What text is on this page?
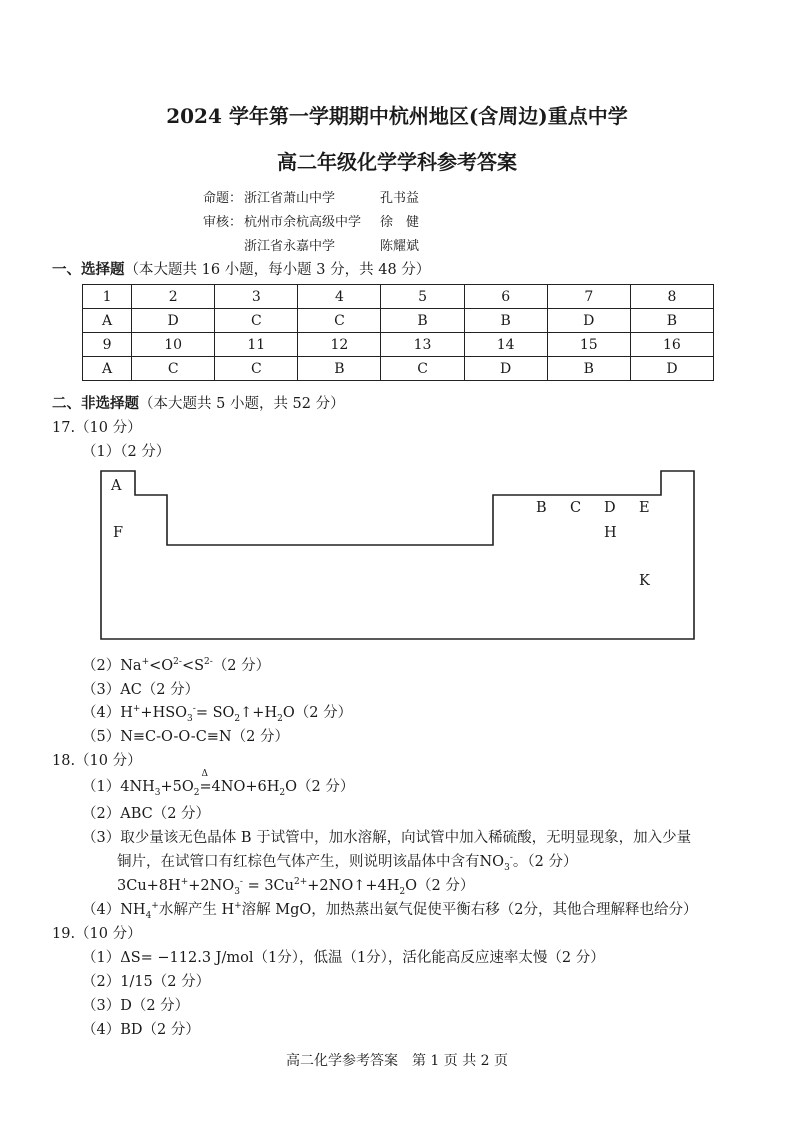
2024 学年第一学期期中杭州地区(含周边)重点中学
高二年级化学学科参考答案
命题： 浙江省萧山中学	孔书益
审核： 杭州市余杭高级中学 徐　健
浙江省永嘉中学	陈耀斌
一、选择题（本大题共 16 小题，每小题 3 分，共 48 分）
1	2	3	4	5	6	7	8
A	D	C	C	B	B	D	B
9	10	11	12	13	14	15	16
A	C	C	B	C	D	B	D
二、非选择题（本大题共 5 小题，共 52 分）
17.（10 分）
（1）（2 分）
A
F
B C D E
H
K
$(2)Na^+<O^{2-}<S^{2-}(2$ 分）
（3）AC（2 分）
$(4)H^++HSO_3^-=$ $SO_2↑+H_2O(2$ 分）
（5）N≡C-O-O-C≡N（2 分）
18.（10 分）
$(1)4NH_3+5O_2$
Δ
$=4NO+6H_2O(2$ 分）
（2）ABC（2 分）
（3）取少量该无色晶体 B 于试管中，加水溶解，向试管中加入稀硫酸，无明显现象，加入少量
铜片，在试管口有红棕色气体产生，则说明该晶体中含有$NO_3^-$。（2 分）
$3Cu+8H^++2NO_3^-$ = $3Cu^{2+}+2NO↑+4H_2O(2$ 分）
$(4)NH_4^+$水解产生 H+溶解 MgO，加热蒸出氨气促使平衡右移（2分，其他合理解释也给分）
19.（10 分）
（1）ΔS= −112.3 J/mol（1分），低温（1分），活化能高反应速率太慢（2 分）
（2）1/15（2 分）
（3）D（2 分）
（4）BD（2 分）
高二化学参考答案　第 1 页 共 2 页
